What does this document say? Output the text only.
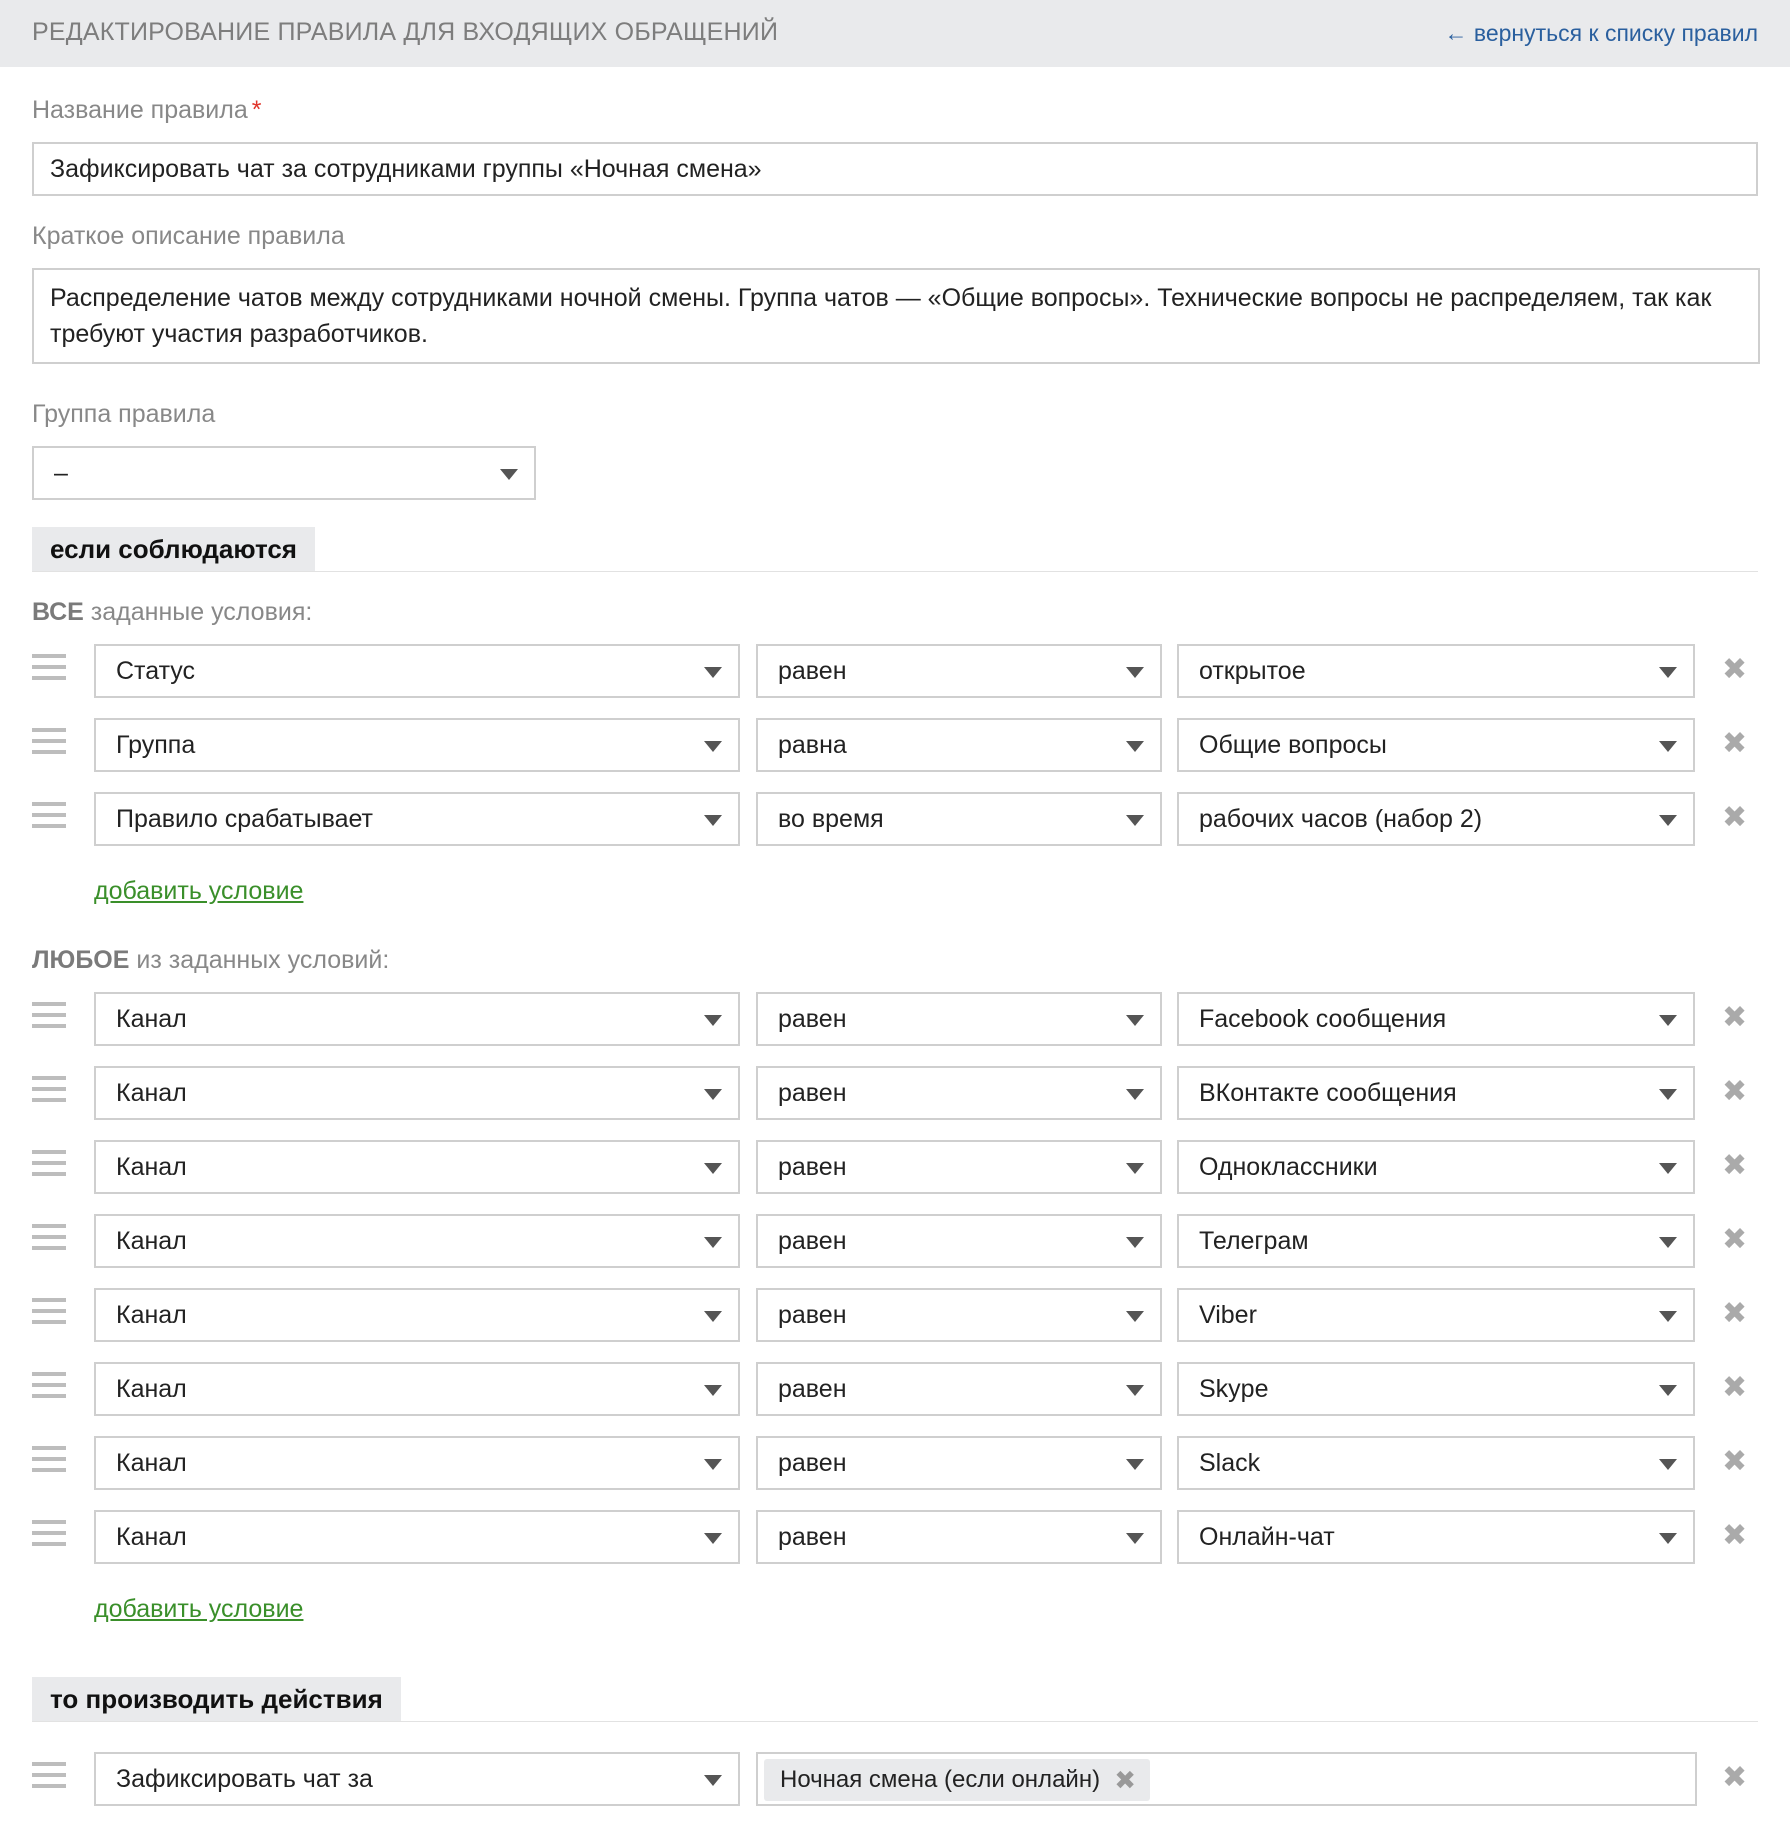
РЕДАКТИРОВАНИЕ ПРАВИЛА ДЛЯ ВХОДЯЩИХ ОБРАЩЕНИЙ	← вернуться к списку правил
Название правила *
Зафиксировать чат за сотрудниками группы «Ночная смена»
Краткое описание правила
Распределение чатов между сотрудниками ночной смены. Группа чатов — «Общие вопросы». Технические вопросы не распределяем, так как требуют участия разработчиков.
Группа правила
–
если соблюдаются
ВСЕ заданные условия:
Статус	равен	открытое	✖
Группа	равна	Общие вопросы	✖
Правило срабатывает	во время	рабочих часов (набор 2)	✖
добавить условие
ЛЮБОЕ из заданных условий:
Канал	равен	Facebook сообщения	✖
Канал	равен	ВКонтакте сообщения	✖
Канал	равен	Одноклассники	✖
Канал	равен	Телеграм	✖
Канал	равен	Viber	✖
Канал	равен	Skype	✖
Канал	равен	Slack	✖
Канал	равен	Онлайн-чат	✖
добавить условие
то производить действия
Зафиксировать чат за	Ночная смена (если онлайн) ✖	✖
